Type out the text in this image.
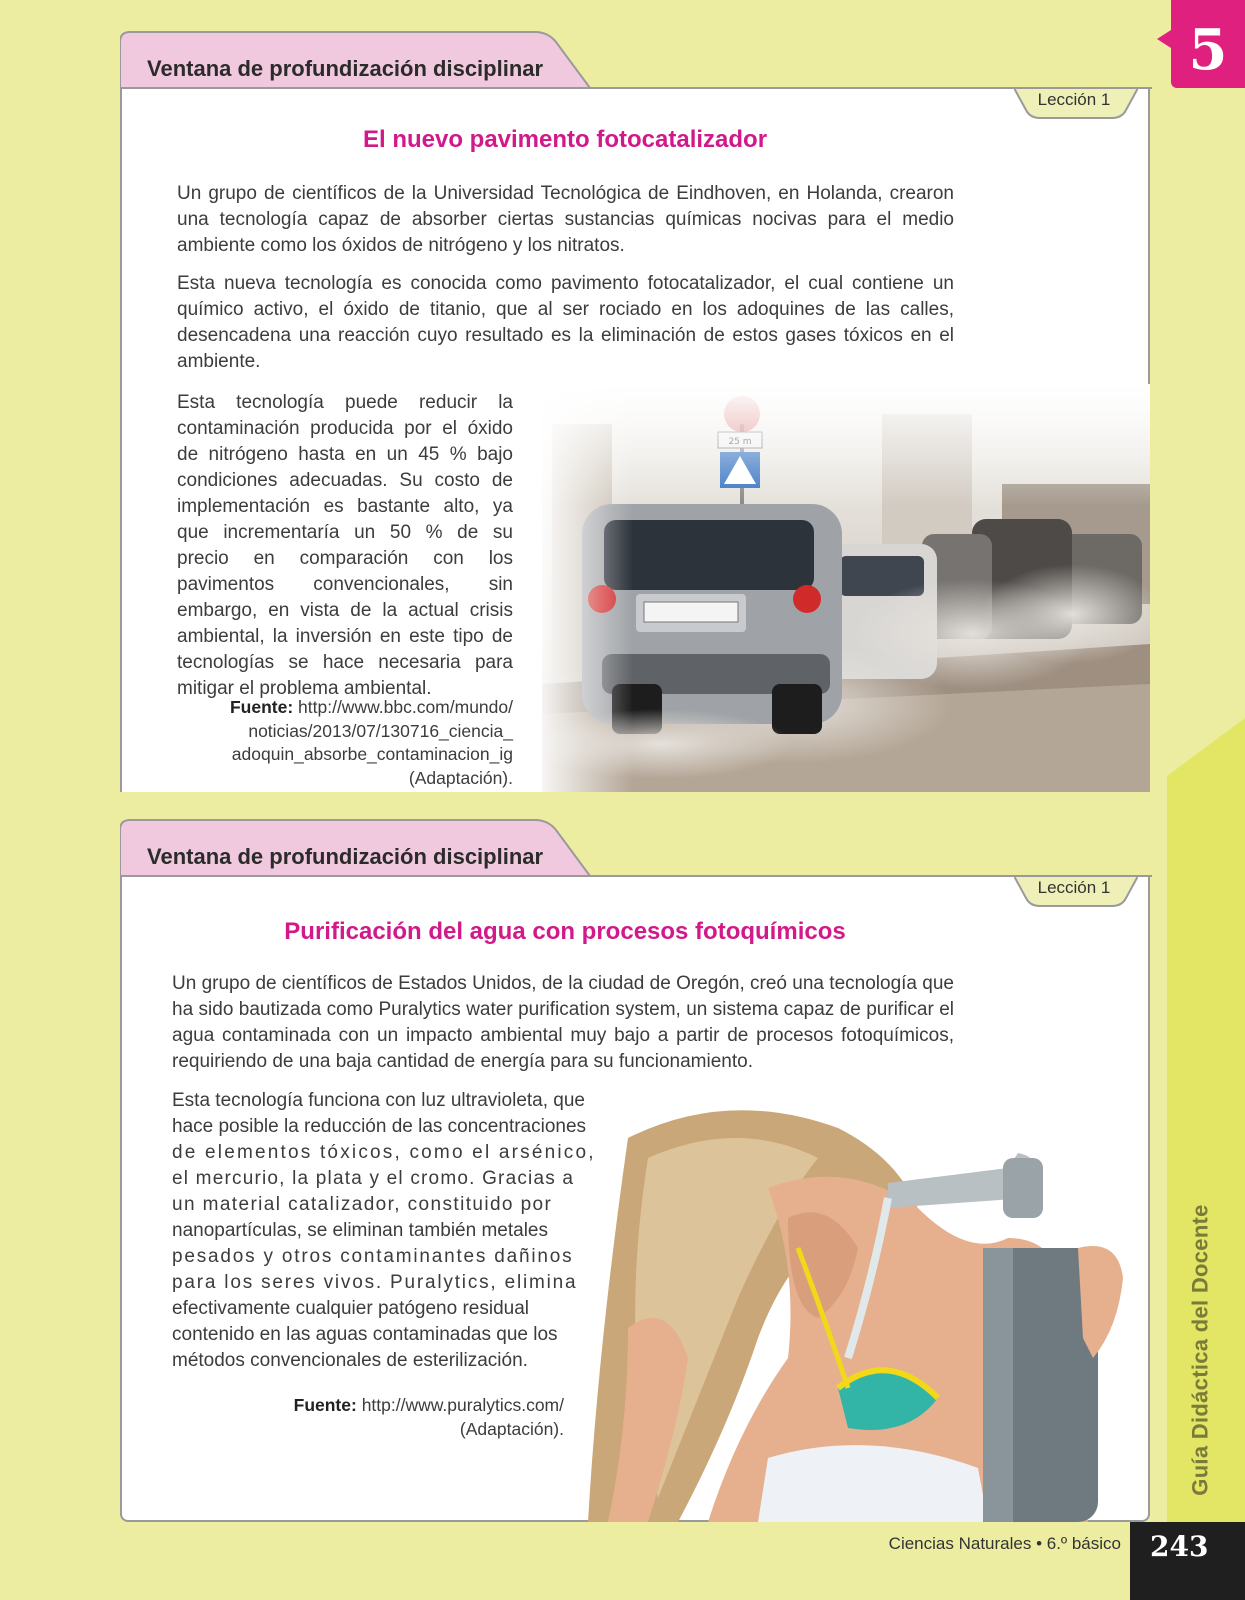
5
Guía Didáctica del Docente
Ventana de profundización disciplinar
Lección 1
El nuevo pavimento fotocatalizador

Un grupo de científicos de la Universidad Tecnológica de Eindhoven, en Holanda, crearon una tecnología capaz de absorber ciertas sustancias químicas nocivas para el medio ambiente como los óxidos de nitrógeno y los nitratos.

Esta nueva tecnología es conocida como pavimento fotocatalizador, el cual contiene un químico activo, el óxido de titanio, que al ser rociado en los adoquines de las calles, desencadena una reacción cuyo resultado es la eliminación de estos gases tóxicos en el ambiente.

Esta tecnología puede reducir la contaminación producida por el óxido de nitrógeno hasta en un 45 % bajo condiciones adecuadas. Su costo de implementación es bastante alto, ya que incrementaría un 50 % de su precio en comparación con los pavimentos convencionales, sin embargo, en vista de la actual crisis ambiental, la inversión en este tipo de tecnologías se hace necesaria para mitigar el problema ambiental.

Fuente: http://www.bbc.com/mundo/
noticias/2013/07/130716_ciencia_
adoquin_absorbe_contaminacion_ig
(Adaptación).
Ventana de profundización disciplinar
Lección 1
Purificación del agua con procesos fotoquímicos

Un grupo de científicos de Estados Unidos, de la ciudad de Oregón, creó una tecnología que ha sido bautizada como Puralytics water purification system, un sistema capaz de purificar el agua contaminada con un impacto ambiental muy bajo a partir de procesos fotoquímicos, requiriendo de una baja cantidad de energía para su funcionamiento.

Esta tecnología funciona con luz ultravioleta, que
hace posible la reducción de las concentraciones
de elementos tóxicos, como el arsénico,
el mercurio, la plata y el cromo. Gracias a
un material catalizador, constituido por
nanopartículas, se eliminan también metales
pesados y otros contaminantes dañinos
para los seres vivos. Puralytics, elimina
efectivamente cualquier patógeno residual
contenido en las aguas contaminadas que los
métodos convencionales de esterilización.
Fuente: http://www.puralytics.com/
(Adaptación).
Ciencias Naturales • 6.º básico	243
